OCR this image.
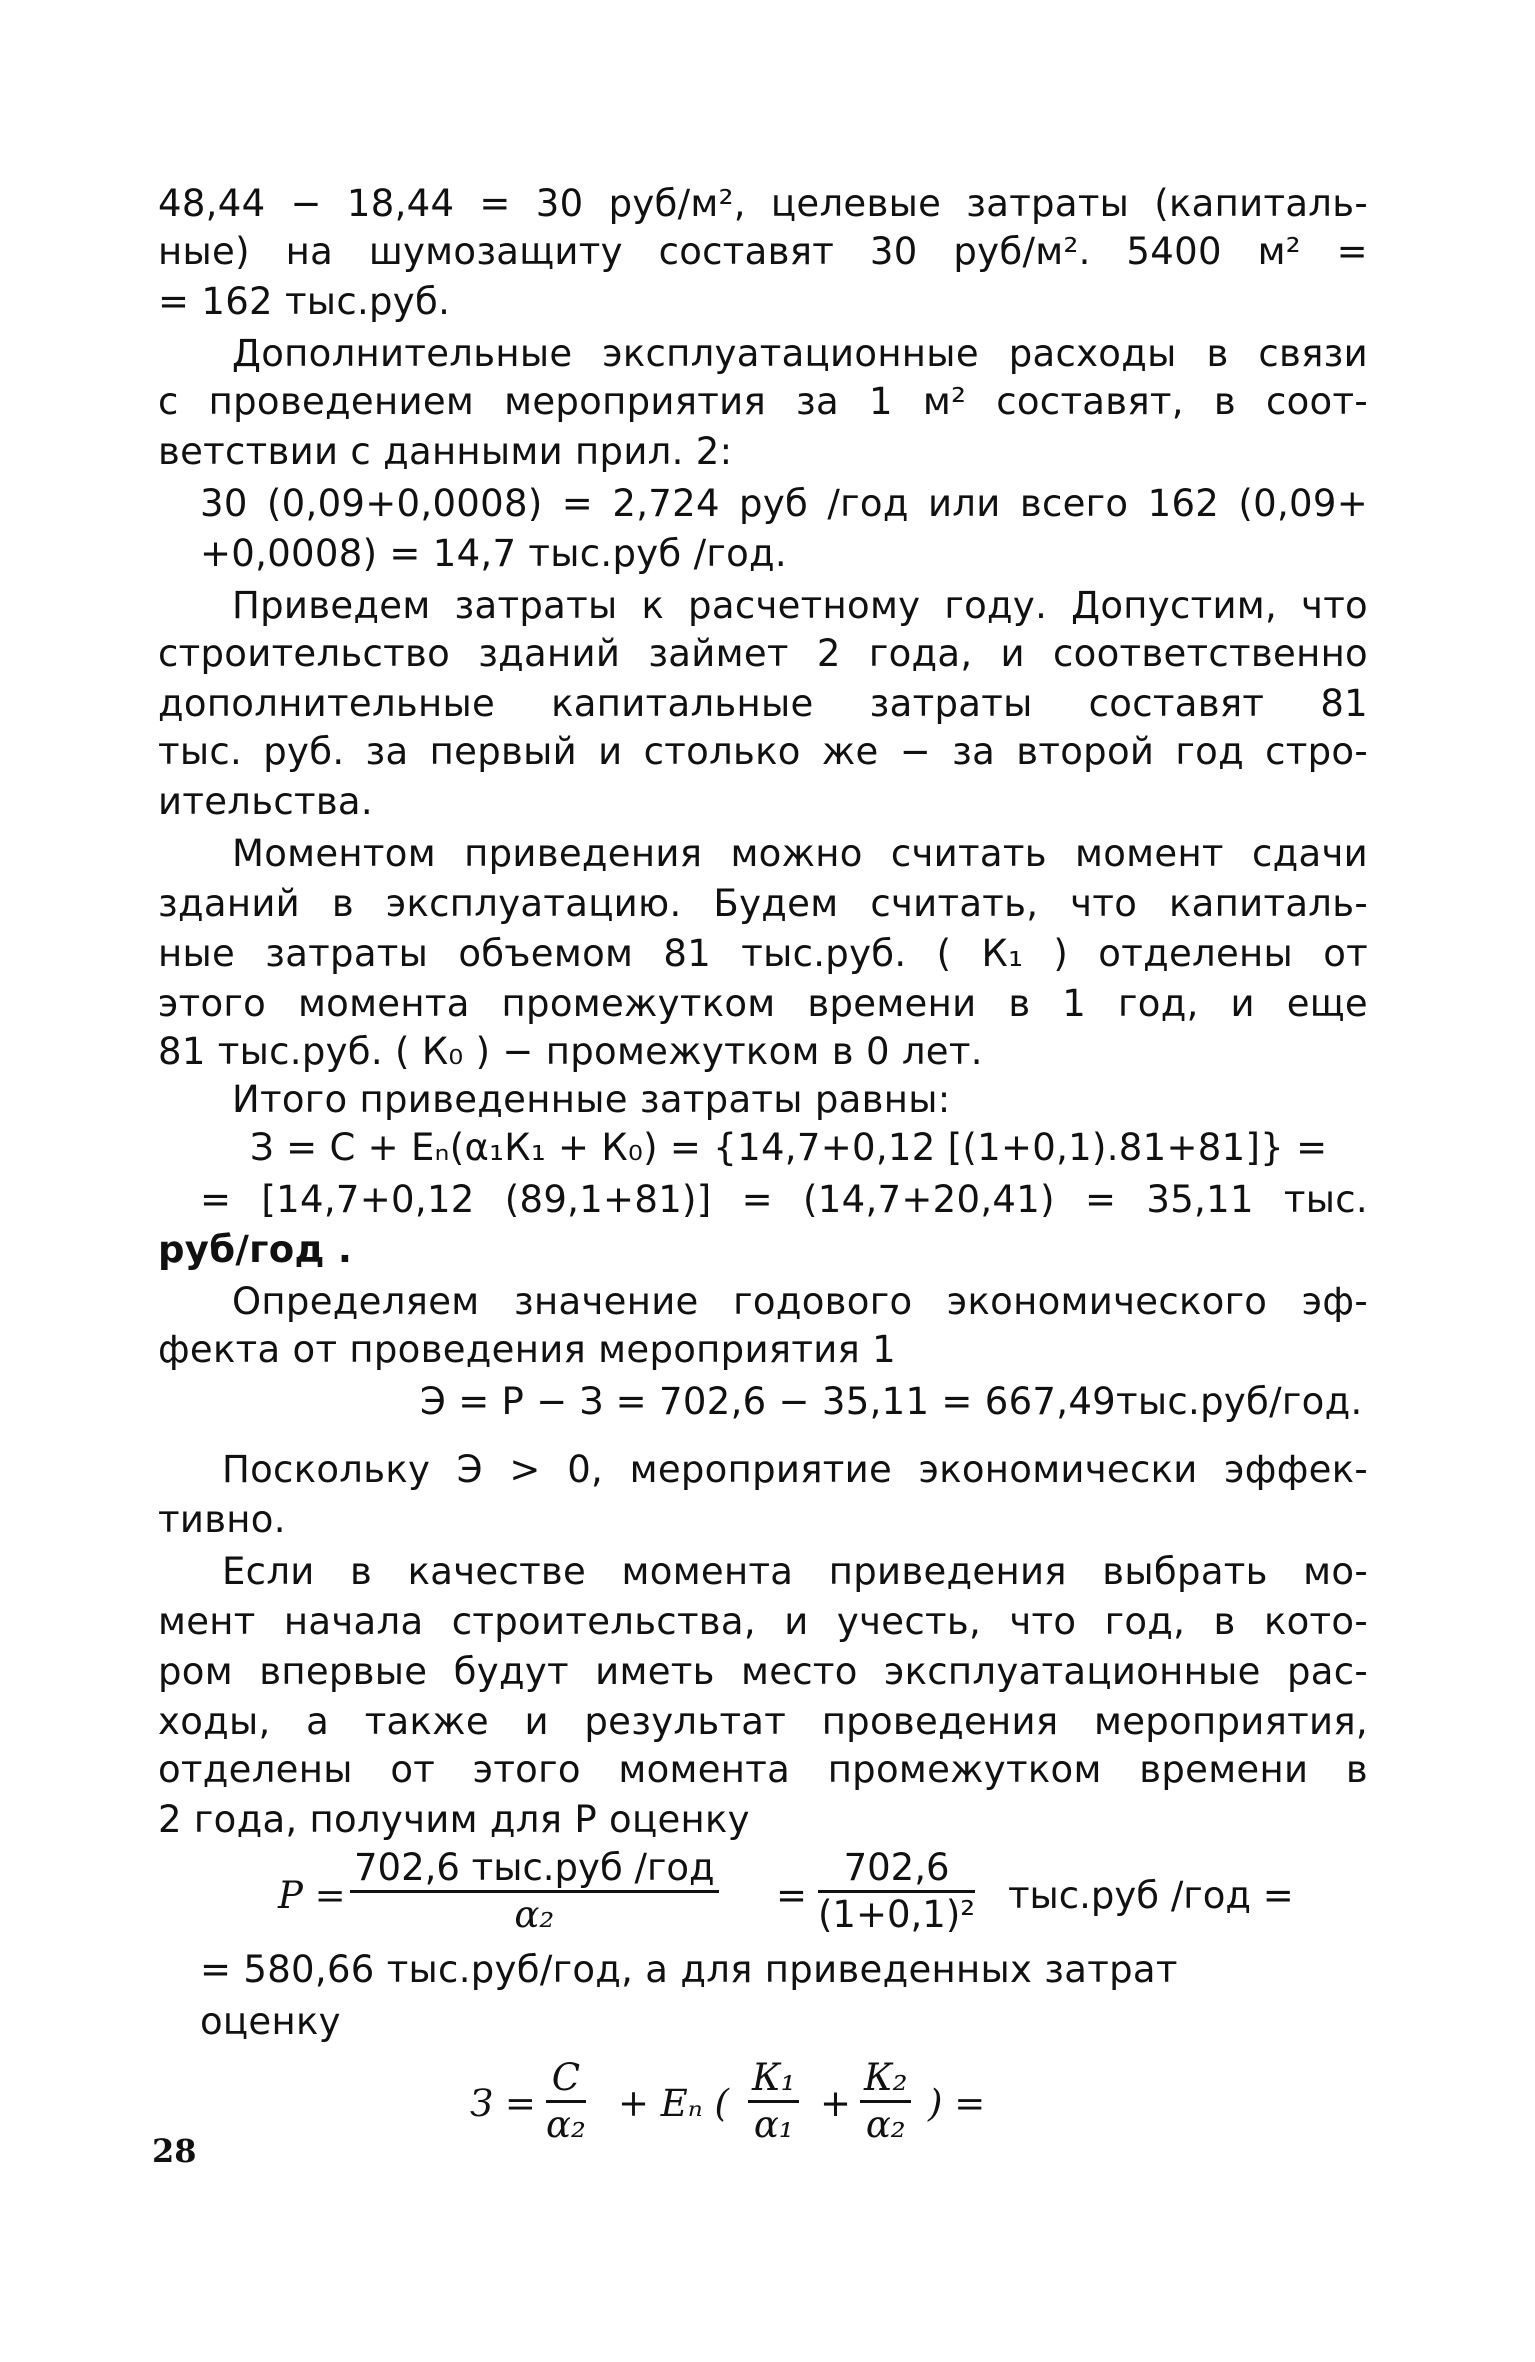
48,44 − 18,44 = 30 руб/м², целевые затраты (капиталь-
ные) на шумозащиту составят 30 руб/м². 5400 м² =
= 162 тыс.руб.
Дополнительные эксплуатационные расходы в связи
с проведением мероприятия за 1 м² составят, в соот-
ветствии с данными прил. 2:
30 (0,09+0,0008) = 2,724 руб /год или всего 162 (0,09+
+0,0008) = 14,7 тыс.руб /год.
Приведем затраты к расчетному году. Допустим, что
строительство зданий займет 2 года, и соответственно
дополнительные капитальные затраты составят 81
тыс. руб. за первый и столько же − за второй год стро-
ительства.
Моментом приведения можно считать момент сдачи
зданий в эксплуатацию. Будем считать, что капиталь-
ные затраты объемом 81 тыс.руб. ( К₁ ) отделены от
этого момента промежутком времени в 1 год, и еще
81 тыс.руб. ( К₀ ) − промежутком в 0 лет.
Итого приведенные затраты равны:
З = С + Еₙ(α₁К₁ + К₀) = {14,7+0,12 [(1+0,1).81+81]} =
= [14,7+0,12 (89,1+81)] = (14,7+20,41) = 35,11 тыс.
руб/год .
Определяем значение годового экономического эф-
фекта от проведения мероприятия 1
Э = Р − З = 702,6 − 35,11 = 667,49тыс.руб/год.
Поскольку Э > 0, мероприятие экономически эффек-
тивно.
Если в качестве момента приведения выбрать мо-
мент начала строительства, и учесть, что год, в кото-
ром впервые будут иметь место эксплуатационные рас-
ходы, а также и результат проведения мероприятия,
отделены от этого момента промежутком времени в
2 года, получим для Р оценку
Р =
702,6 тыс.руб /год
α₂	= $\frac{702,6}{\text{(1+0,1)²}} тыс.руб$ /год =
= 580,66 тыс.руб/год, а для приведенных затрат
оценку
З =
С
α₂ + Еₙ (
К₁
α₁ +
К₂
α₂ ) =
28
